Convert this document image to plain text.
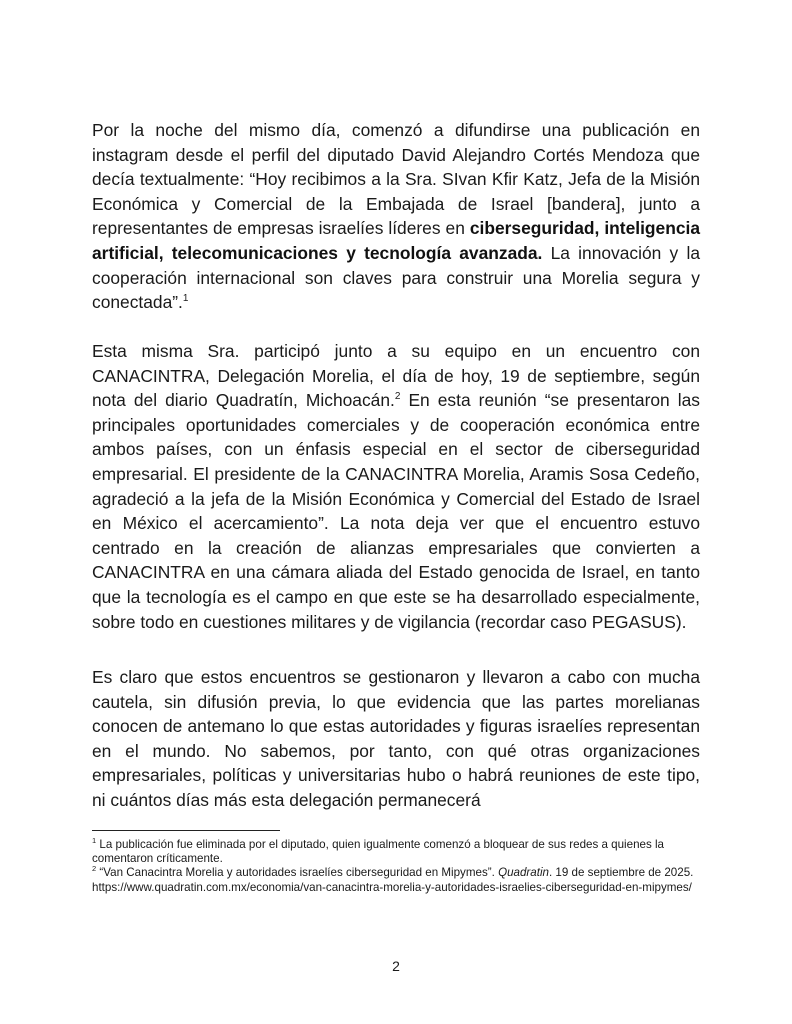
Por la noche del mismo día, comenzó a difundirse una publicación en instagram desde el perfil del diputado David Alejandro Cortés Mendoza que decía textualmente: “Hoy recibimos a la Sra. SIvan Kfir Katz, Jefa de la Misión Económica y Comercial de la Embajada de Israel [bandera], junto a representantes de empresas israelíes líderes en ciberseguridad, inteligencia artificial, telecomunicaciones y tecnología avanzada. La innovación y la cooperación internacional son claves para construir una Morelia segura y conectada”.$^1$

Esta misma Sra. participó junto a su equipo en un encuentro con CANACINTRA, Delegación Morelia, el día de hoy, 19 de septiembre, según nota del diario Quadratín, Michoacán.$^2$ En esta reunión “se presentaron las principales oportunidades comerciales y de cooperación económica entre ambos países, con un énfasis especial en el sector de ciberseguridad empresarial. El presidente de la CANACINTRA Morelia, Aramis Sosa Cedeño, agradeció a la jefa de la Misión Económica y Comercial del Estado de Israel en México el acercamiento”. La nota deja ver que el encuentro estuvo centrado en la creación de alianzas empresariales que convierten a CANACINTRA en una cámara aliada del Estado genocida de Israel, en tanto que la tecnología es el campo en que este se ha desarrollado especialmente, sobre todo en cuestiones militares y de vigilancia (recordar caso PEGASUS).

Es claro que estos encuentros se gestionaron y llevaron a cabo con mucha cautela, sin difusión previa, lo que evidencia que las partes morelianas conocen de antemano lo que estas autoridades y figuras israelíes representan en el mundo. No sabemos, por tanto, con qué otras organizaciones empresariales, políticas y universitarias hubo o habrá reuniones de este tipo, ni cuántos días más esta delegación permanecerá

$^1$ La publicación fue eliminada por el diputado, quien igualmente comenzó a bloquear de sus redes a quienes la comentaron críticamente.

$^2$ “Van Canacintra Morelia y autoridades israelíes ciberseguridad en Mipymes”. Quadratin. 19 de septiembre de 2025.

https://www.quadratin.com.mx/economia/van-canacintra-morelia-y-autoridades-israelies-ciberseguridad-en-mipymes/

2
